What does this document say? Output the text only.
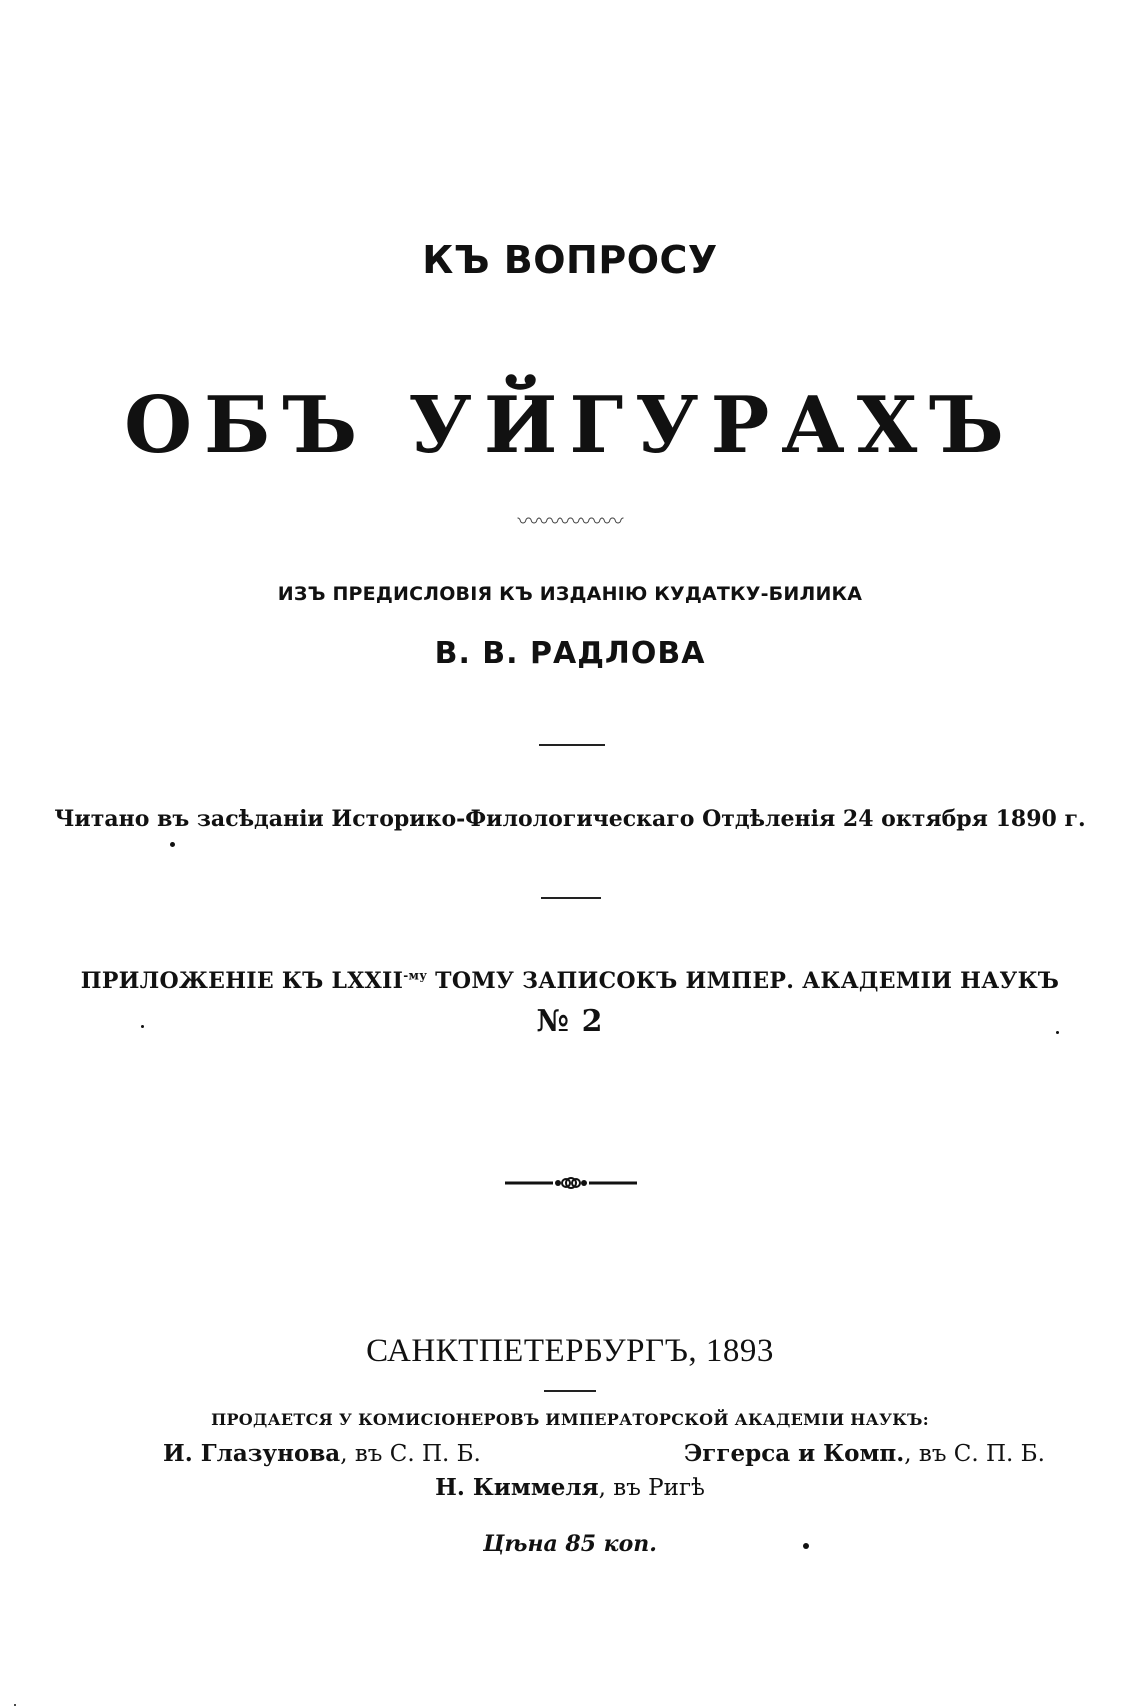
КЪ ВОПРОСУ
ОБЪ УЙГУРАХЪ
〰〰〰〰〰
ИЗЪ ПРЕДИСЛОВІЯ КЪ ИЗДАНІЮ КУДАТКУ-БИЛИКА
В. В. РАДЛОВА
Читано въ засѣданіи Историко-Филологическаго Отдѣленія 24 октября 1890 г.
ПРИЛОЖЕНІЕ КЪ $LXXII^{-му}$ ТОМУ ЗАПИСОКЪ ИМПЕР. АКАДЕМІИ НАУКЪ
№ 2
САНКТПЕТЕРБУРГЪ, 1893
ПРОДАЕТСЯ У КОМИСІОНЕРОВЪ ИМПЕРАТОРСКОЙ АКАДЕМІИ НАУКЪ:
И. Глазунова, въ С. П. Б.	Эггерса и Комп., въ С. П. Б.
Н. Киммеля, въ Ригѣ
Цѣна 85 коп.
